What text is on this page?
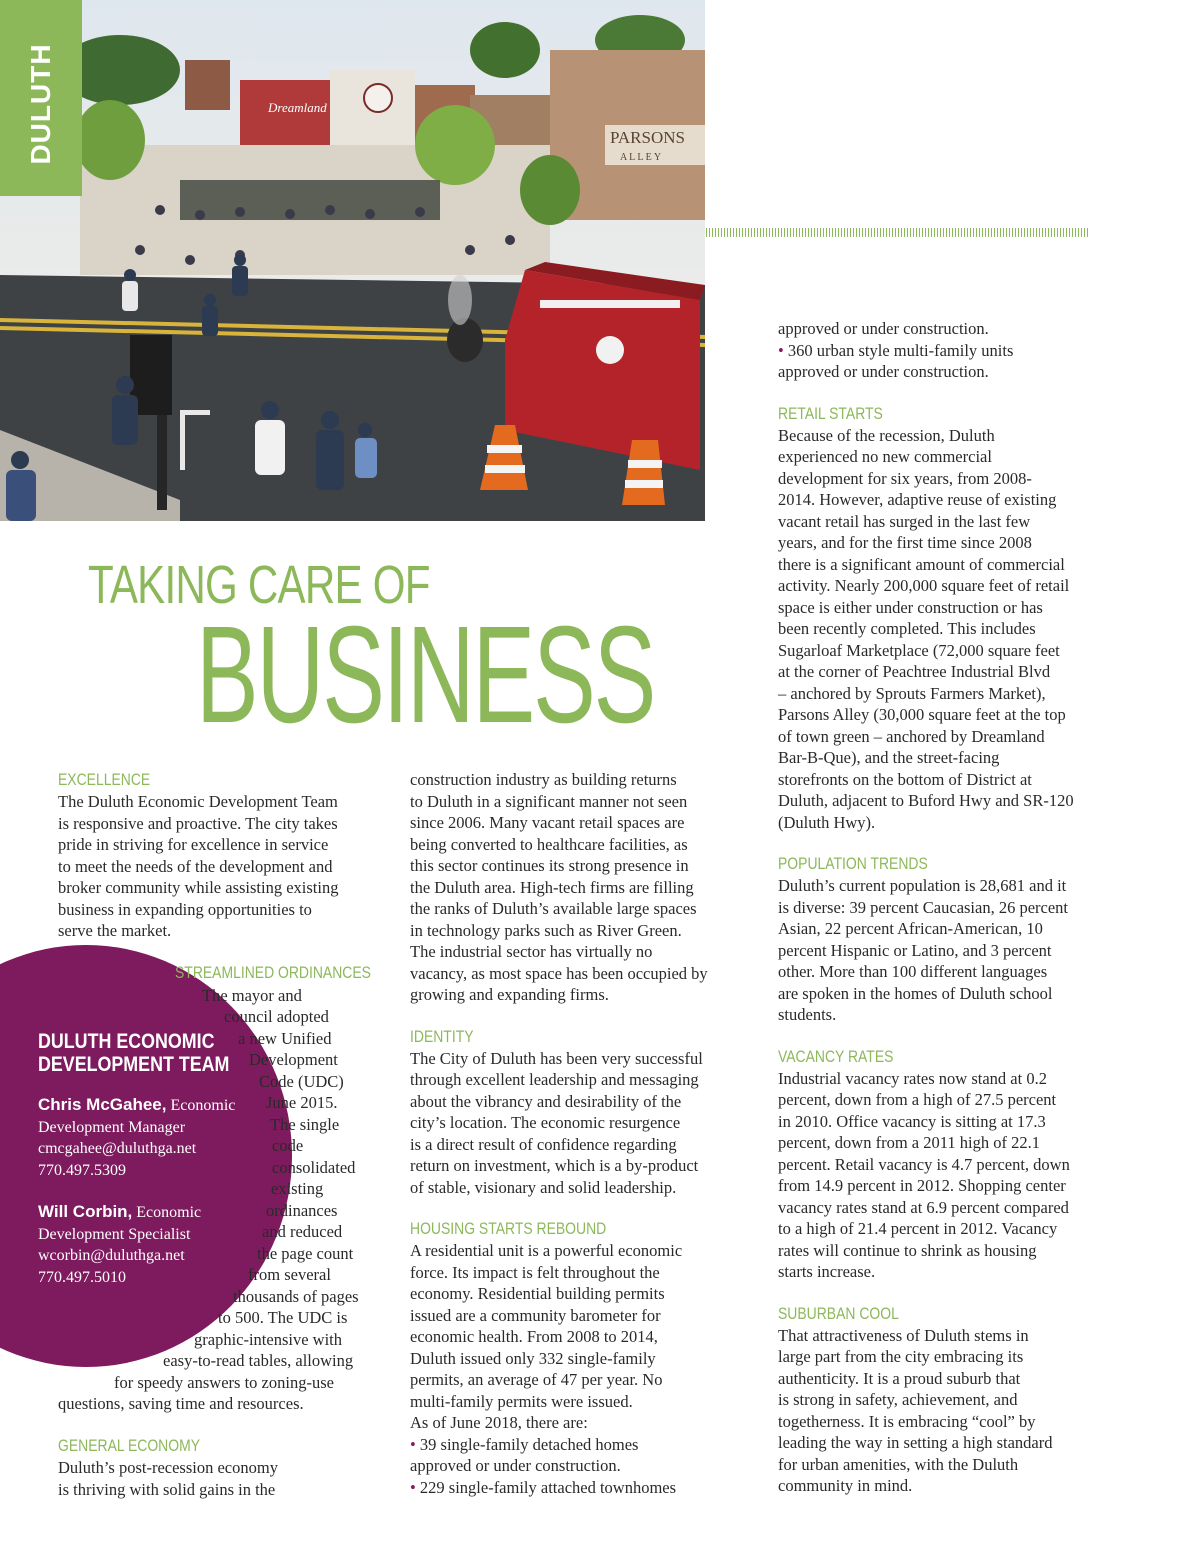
DULUTH	PARSONS
A L L E Y
Dreamland
TAKING CARE OF
BUSINESS
EXCELLENCE

The Duluth Economic Development Team

is responsive and proactive. The city takes

pride in striving for excellence in service

to meet the needs of the development and

broker community while assisting existing

business in expanding opportunities to

serve the market.

DULUTH ECONOMIC
DEVELOPMENT TEAM
Chris McGahee, Economic
Development Manager
cmcgahee@duluthga.net
770.497.5309
Will Corbin, Economic
Development Specialist
wcorbin@duluthga.net
770.497.5010
STREAMLINED ORDINANCES
The mayor and
council adopted
a new Unified
Development
Code (UDC)
June 2015.
The single
code
consolidated
existing
ordinances
and reduced
the page count
from several
thousands of pages
to 500. The UDC is
graphic-intensive with
easy-to-read tables, allowing
for speedy answers to zoning-use
questions, saving time and resources.
GENERAL ECONOMY

Duluth’s post-recession economy

is thriving with solid gains in the

construction industry as building returns

to Duluth in a significant manner not seen

since 2006. Many vacant retail spaces are

being converted to healthcare facilities, as

this sector continues its strong presence in

the Duluth area. High-tech firms are filling

the ranks of Duluth’s available large spaces

in technology parks such as River Green.

The industrial sector has virtually no

vacancy, as most space has been occupied by

growing and expanding firms.

IDENTITY

The City of Duluth has been very successful

through excellent leadership and messaging

about the vibrancy and desirability of the

city’s location. The economic resurgence

is a direct result of confidence regarding

return on investment, which is a by-product

of stable, visionary and solid leadership.

HOUSING STARTS REBOUND

A residential unit is a powerful economic

force. Its impact is felt throughout the

economy. Residential building permits

issued are a community barometer for

economic health. From 2008 to 2014,

Duluth issued only 332 single-family

permits, an average of 47 per year. No

multi-family permits were issued.

As of June 2018, there are:

• 39 single-family detached homes

approved or under construction.

• 229 single-family attached townhomes

approved or under construction.

• 360 urban style multi-family units

approved or under construction.

RETAIL STARTS

Because of the recession, Duluth

experienced no new commercial

development for six years, from 2008-

2014. However, adaptive reuse of existing

vacant retail has surged in the last few

years, and for the first time since 2008

there is a significant amount of commercial

activity. Nearly 200,000 square feet of retail

space is either under construction or has

been recently completed. This includes

Sugarloaf Marketplace (72,000 square feet

at the corner of Peachtree Industrial Blvd

– anchored by Sprouts Farmers Market),

Parsons Alley (30,000 square feet at the top

of town green – anchored by Dreamland

Bar-B-Que), and the street-facing

storefronts on the bottom of District at

Duluth, adjacent to Buford Hwy and SR-120

(Duluth Hwy).

POPULATION TRENDS

Duluth’s current population is 28,681 and it

is diverse: 39 percent Caucasian, 26 percent

Asian, 22 percent African-American, 10

percent Hispanic or Latino, and 3 percent

other. More than 100 different languages

are spoken in the homes of Duluth school

students.

VACANCY RATES

Industrial vacancy rates now stand at 0.2

percent, down from a high of 27.5 percent

in 2010. Office vacancy is sitting at 17.3

percent, down from a 2011 high of 22.1

percent. Retail vacancy is 4.7 percent, down

from 14.9 percent in 2012. Shopping center

vacancy rates stand at 6.9 percent compared

to a high of 21.4 percent in 2012. Vacancy

rates will continue to shrink as housing

starts increase.

SUBURBAN COOL

That attractiveness of Duluth stems in

large part from the city embracing its

authenticity. It is a proud suburb that

is strong in safety, achievement, and

togetherness. It is embracing “cool” by

leading the way in setting a high standard

for urban amenities, with the Duluth

community in mind.
